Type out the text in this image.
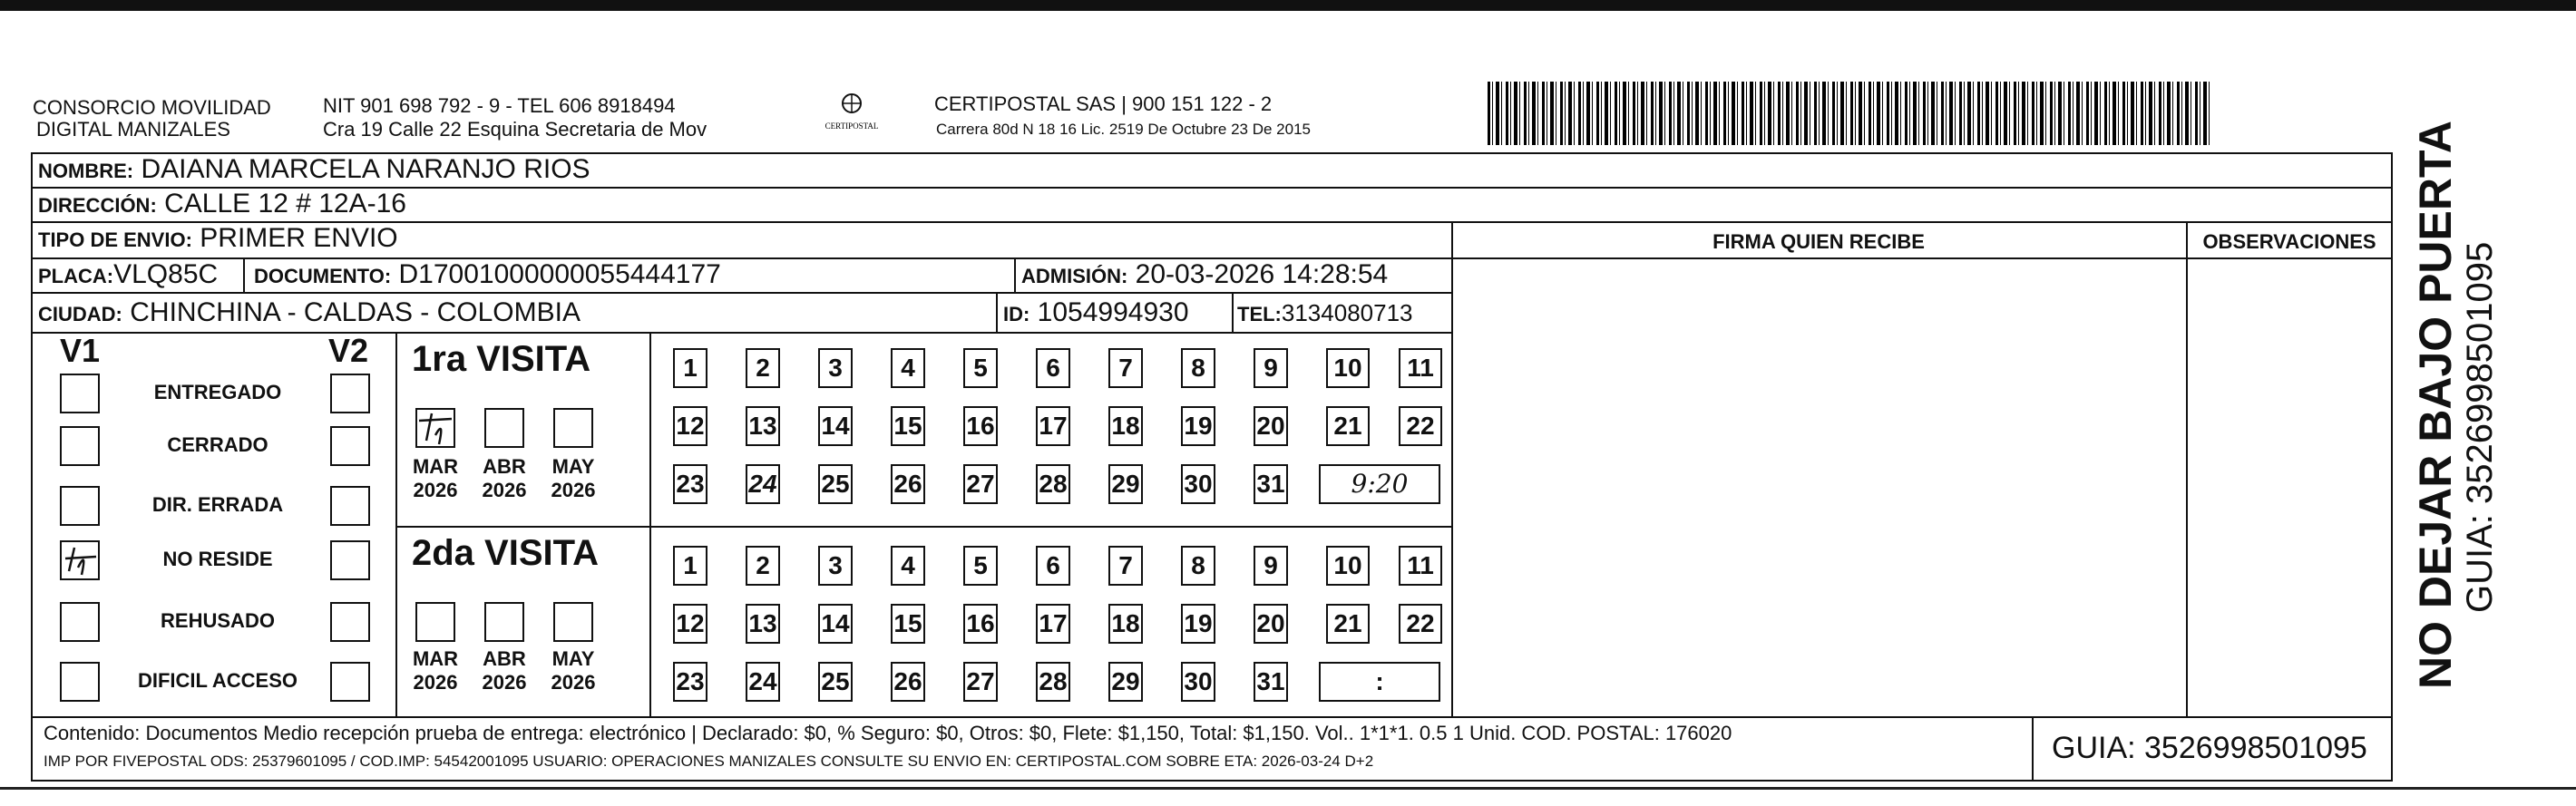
CONSORCIO MOVILIDAD
DIGITAL MANIZALES
NIT 901 698 792 - 9 - TEL 606 8918494
Cra 19 Calle 22 Esquina Secretaria de Mov	CERTIPOSTAL
CERTIPOSTAL SAS | 900 151 122 - 2
Carrera 80d N 18 16 Lic. 2519 De Octubre 23 De 2015
NOMBRE: DAIANA MARCELA NARANJO RIOS
DIRECCIÓN: CALLE 12 # 12A-16
TIPO DE ENVIO: PRIMER ENVIO	FIRMA QUIEN RECIBE	OBSERVACIONES
PLACA:VLQ85C DOCUMENTO: D17001000000055444177	ADMISIÓN: 20-03-2026 14:28:54
CIUDAD: CHINCHINA - CALDAS - COLOMBIA	ID: 1054994930 TEL:3134080713
V1	V2
ENTREGADO
CERRADO
DIR. ERRADA
NO RESIDE
REHUSADO
DIFICIL ACCESO
1ra VISITA
2da VISITA
MAR
2026
ABR
2026
MAY
2026
MAR
2026
ABR
2026
MAY
2026
1	2	3	4	5	6	7	8	9	10	11
12 13 14 15 16 17 18 19 20	21	22
23 24 25 26 27 28 29 30 31	9:20
1	2	3	4	5	6	7	8	9	10	11
12 13 14 15 16 17 18 19 20	21	22
23 24 25 26 27 28 29 30 31	:
Contenido: Documentos Medio recepción prueba de entrega: electrónico | Declarado: $0, % Seguro: $0, Otros: $0, Flete: $1,150, Total: $1,150. Vol.. 1*1*1. 0.5 1 Unid. COD. POSTAL: 176020
IMP POR FIVEPOSTAL ODS: 25379601095 / COD.IMP: 54542001095 USUARIO: OPERACIONES MANIZALES CONSULTE SU ENVIO EN: CERTIPOSTAL.COM SOBRE ETA: 2026-03-24 D+2	GUIA: 3526998501095
NO DEJAR BAJO PUERTA GUIA: 3526998501095
